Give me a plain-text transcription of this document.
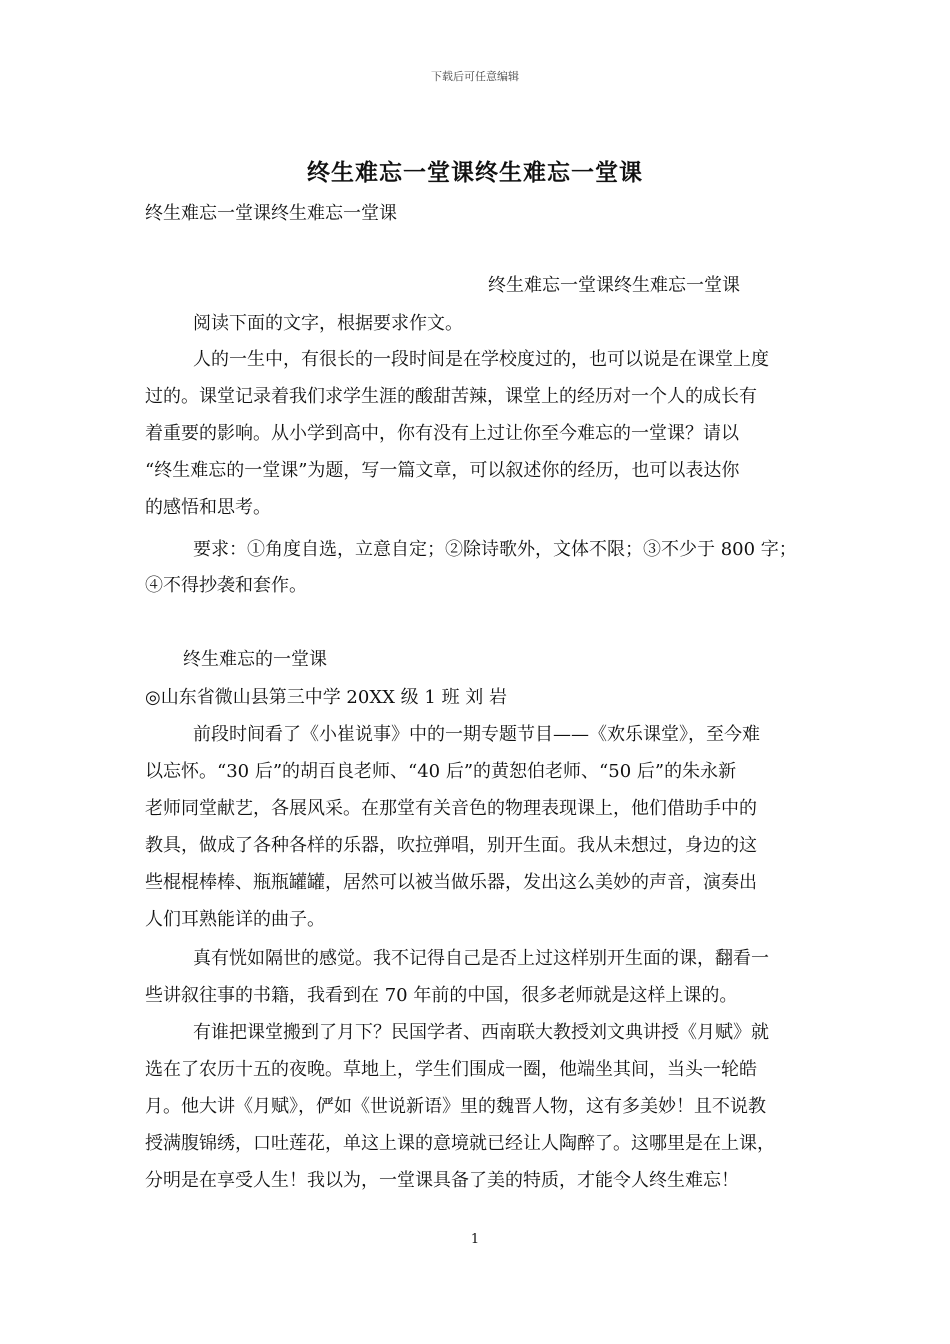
下载后可任意编辑
终生难忘一堂课终生难忘一堂课
终生难忘一堂课终生难忘一堂课
终生难忘一堂课终生难忘一堂课
阅读下面的文字，根据要求作文。
人的一生中，有很长的一段时间是在学校度过的，也可以说是在课堂上度
过的。课堂记录着我们求学生涯的酸甜苦辣，课堂上的经历对一个人的成长有
着重要的影响。从小学到高中，你有没有上过让你至今难忘的一堂课？请以
“终生难忘的一堂课”为题，写一篇文章，可以叙述你的经历，也可以表达你
的感悟和思考。
要求：①角度自选，立意自定；②除诗歌外，文体不限；③不少于 800 字；
④不得抄袭和套作。
终生难忘的一堂课
◎山东省微山县第三中学 20XX 级 1 班 刘 岩
前段时间看了《小崔说事》中的一期专题节目——《欢乐课堂》，至今难
以忘怀。“30 后”的胡百良老师、“40 后”的黄恕伯老师、“50 后”的朱永新
老师同堂献艺，各展风采。在那堂有关音色的物理表现课上，他们借助手中的
教具，做成了各种各样的乐器，吹拉弹唱，别开生面。我从未想过，身边的这
些棍棍棒棒、瓶瓶罐罐，居然可以被当做乐器，发出这么美妙的声音，演奏出
人们耳熟能详的曲子。
真有恍如隔世的感觉。我不记得自己是否上过这样别开生面的课，翻看一
些讲叙往事的书籍，我看到在 70 年前的中国，很多老师就是这样上课的。
有谁把课堂搬到了月下？民国学者、西南联大教授刘文典讲授《月赋》就
选在了农历十五的夜晚。草地上，学生们围成一圈，他端坐其间，当头一轮皓
月。他大讲《月赋》，俨如《世说新语》里的魏晋人物，这有多美妙！且不说教
授满腹锦绣，口吐莲花，单这上课的意境就已经让人陶醉了。这哪里是在上课，
分明是在享受人生！我以为，一堂课具备了美的特质，才能令人终生难忘！
1
